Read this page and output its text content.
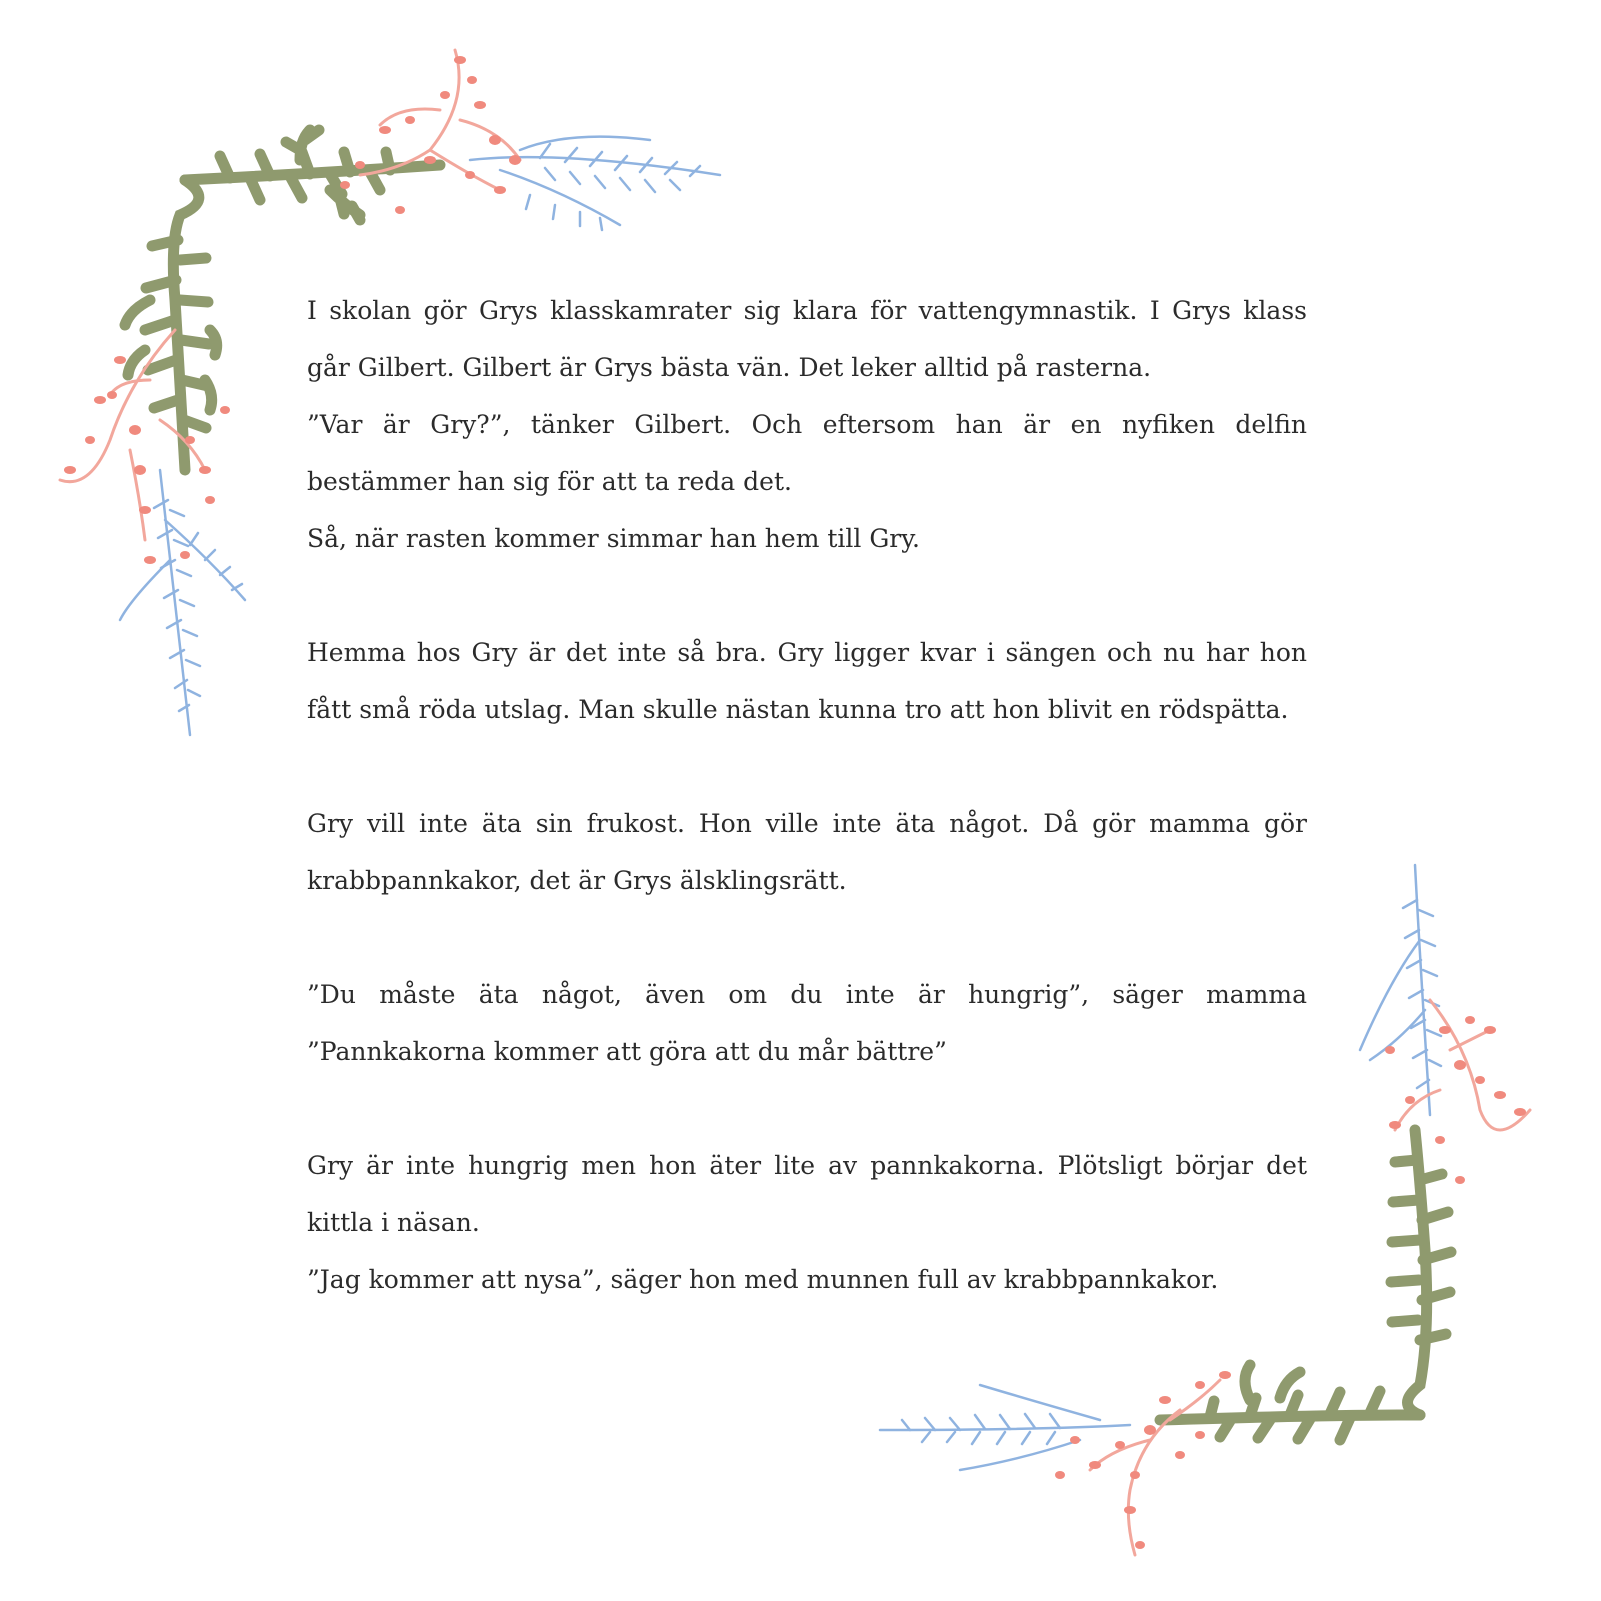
I skolan gör Grys klasskamrater sig klara för vattengymnastik. I Grys klass går Gilbert. Gilbert är Grys bästa vän. Det leker alltid på rasterna.
”Var är Gry?”, tänker Gilbert. Och eftersom han är en nyfiken delfin bestämmer han sig för att ta reda det.
Så, när rasten kommer simmar han hem till Gry.
Hemma hos Gry är det inte så bra. Gry ligger kvar i sängen och nu har hon fått små röda utslag. Man skulle nästan kunna tro att hon blivit en rödspätta.
Gry vill inte äta sin frukost. Hon ville inte äta något. Då gör mamma gör krabbpannkakor, det är Grys älsklingsrätt.
”Du måste äta något, även om du inte är hungrig”, säger mamma ”Pannkakorna kommer att göra att du mår bättre”
Gry är inte hungrig men hon äter lite av pannkakorna. Plötsligt börjar det kittla i näsan.
”Jag kommer att nysa”, säger hon med munnen full av krabbpannkakor.
